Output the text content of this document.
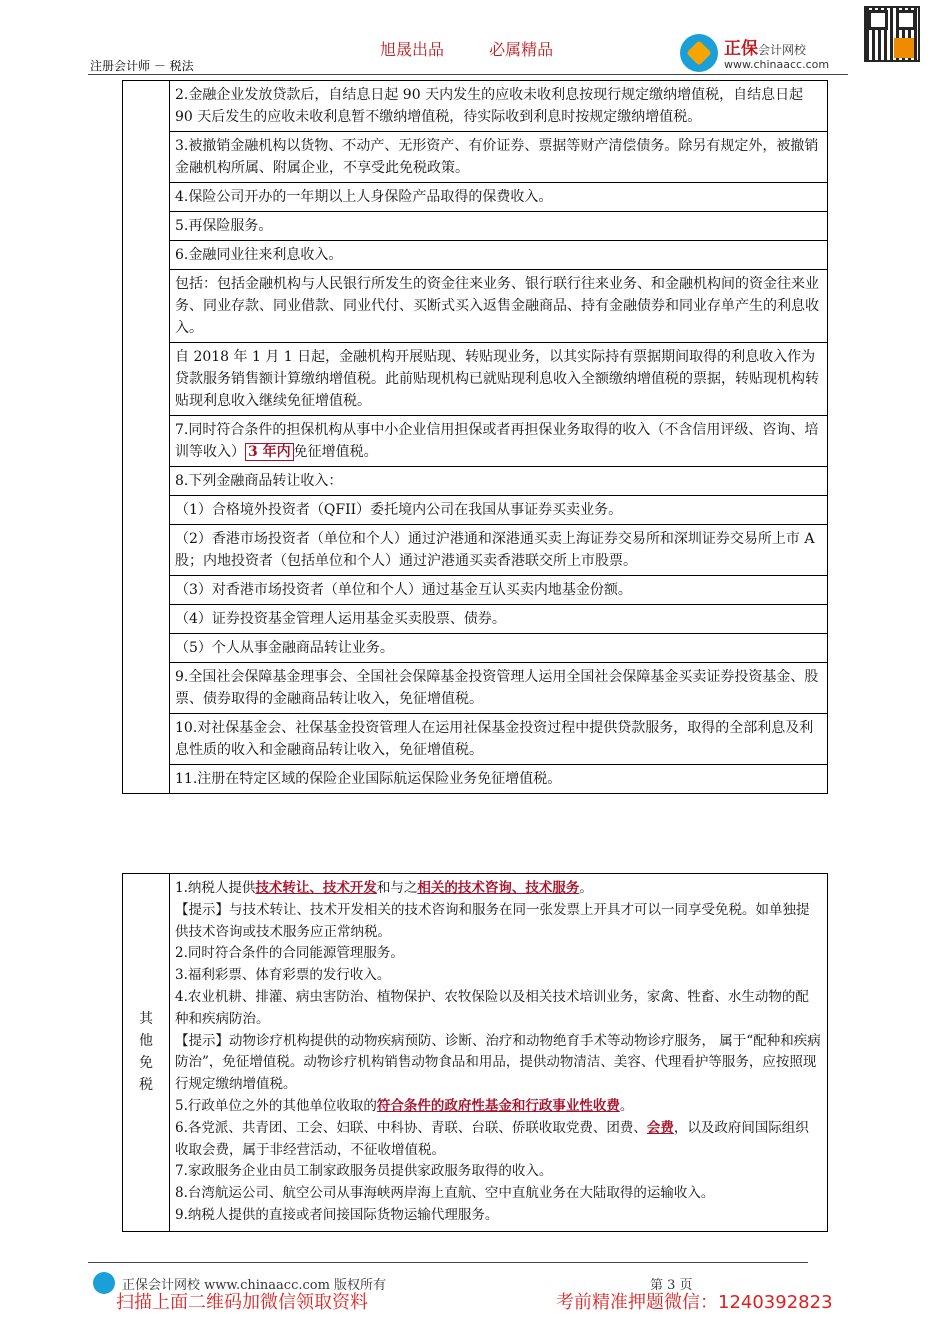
旭晟出品	必属精品
注册会计师 － 税法
正保会计网校
www.chinaacc.com
	2.金融企业发放贷款后，自结息日起 90 天内发生的应收未收利息按现行规定缴纳增值税，自结息日起 90 天后发生的应收未收利息暂不缴纳增值税，待实际收到利息时按规定缴纳增值税。
3.被撤销金融机构以货物、不动产、无形资产、有价证券、票据等财产清偿债务。除另有规定外，被撤销金融机构所属、附属企业，不享受此免税政策。
4.保险公司开办的一年期以上人身保险产品取得的保费收入。
5.再保险服务。
6.金融同业往来利息收入。
包括：包括金融机构与人民银行所发生的资金往来业务、银行联行往来业务、和金融机构间的资金往来业务、同业存款、同业借款、同业代付、买断式买入返售金融商品、持有金融债券和同业存单产生的利息收入。
自 2018 年 1 月 1 日起，金融机构开展贴现、转贴现业务，以其实际持有票据期间取得的利息收入作为贷款服务销售额计算缴纳增值税。此前贴现机构已就贴现利息收入全额缴纳增值税的票据，转贴现机构转贴现利息收入继续免征增值税。
7.同时符合条件的担保机构从事中小企业信用担保或者再担保业务取得的收入（不含信用评级、咨询、培训等收入） 3 年内 免征增值税。
8.下列金融商品转让收入：
（1）合格境外投资者（QFII）委托境内公司在我国从事证券买卖业务。
（2）香港市场投资者（单位和个人）通过沪港通和深港通买卖上海证券交易所和深圳证券交易所上市 A 股；内地投资者（包括单位和个人）通过沪港通买卖香港联交所上市股票。
（3）对香港市场投资者（单位和个人）通过基金互认买卖内地基金份额。
（4）证券投资基金管理人运用基金买卖股票、债券。
（5）个人从事金融商品转让业务。
9.全国社会保障基金理事会、全国社会保障基金投资管理人运用全国社会保障基金买卖证券投资基金、股票、债券取得的金融商品转让收入，免征增值税。
10.对社保基金会、社保基金投资管理人在运用社保基金投资过程中提供贷款服务，取得的全部利息及利息性质的收入和金融商品转让收入，免征增值税。
11.注册在特定区域的保险企业国际航运保险业务免征增值税。
其
他
免
税

1.纳税人提供技术转让、技术开发和与之相关的技术咨询、技术服务。
【提示】与技术转让、技术开发相关的技术咨询和服务在同一张发票上开具才可以一同享受免税。如单独提供技术咨询或技术服务应正常纳税。
2.同时符合条件的合同能源管理服务。
3.福利彩票、体育彩票的发行收入。
4.农业机耕、排灌、病虫害防治、植物保护、农牧保险以及相关技术培训业务，家禽、牲畜、水生动物的配种和疾病防治。
【提示】动物诊疗机构提供的动物疾病预防、诊断、治疗和动物绝育手术等动物诊疗服务， 属于“配种和疾病防治”，免征增值税。动物诊疗机构销售动物食品和用品，提供动物清洁、美容、代理看护等服务，应按照现行规定缴纳增值税。
5.行政单位之外的其他单位收取的符合条件的政府性基金和行政事业性收费。
6.各党派、共青团、工会、妇联、中科协、青联、台联、侨联收取党费、团费、会费，以及政府间国际组织收取会费，属于非经营活动，不征收增值税。
7.家政服务企业由员工制家政服务员提供家政服务取得的收入。
8.台湾航运公司、航空公司从事海峡两岸海上直航、空中直航业务在大陆取得的运输收入。
9.纳税人提供的直接或者间接国际货物运输代理服务。
正保会计网校 www.chinaacc.com 版权所有	第 3 页
扫描上面二维码加微信领取资料	考前精准押题微信：1240392823
